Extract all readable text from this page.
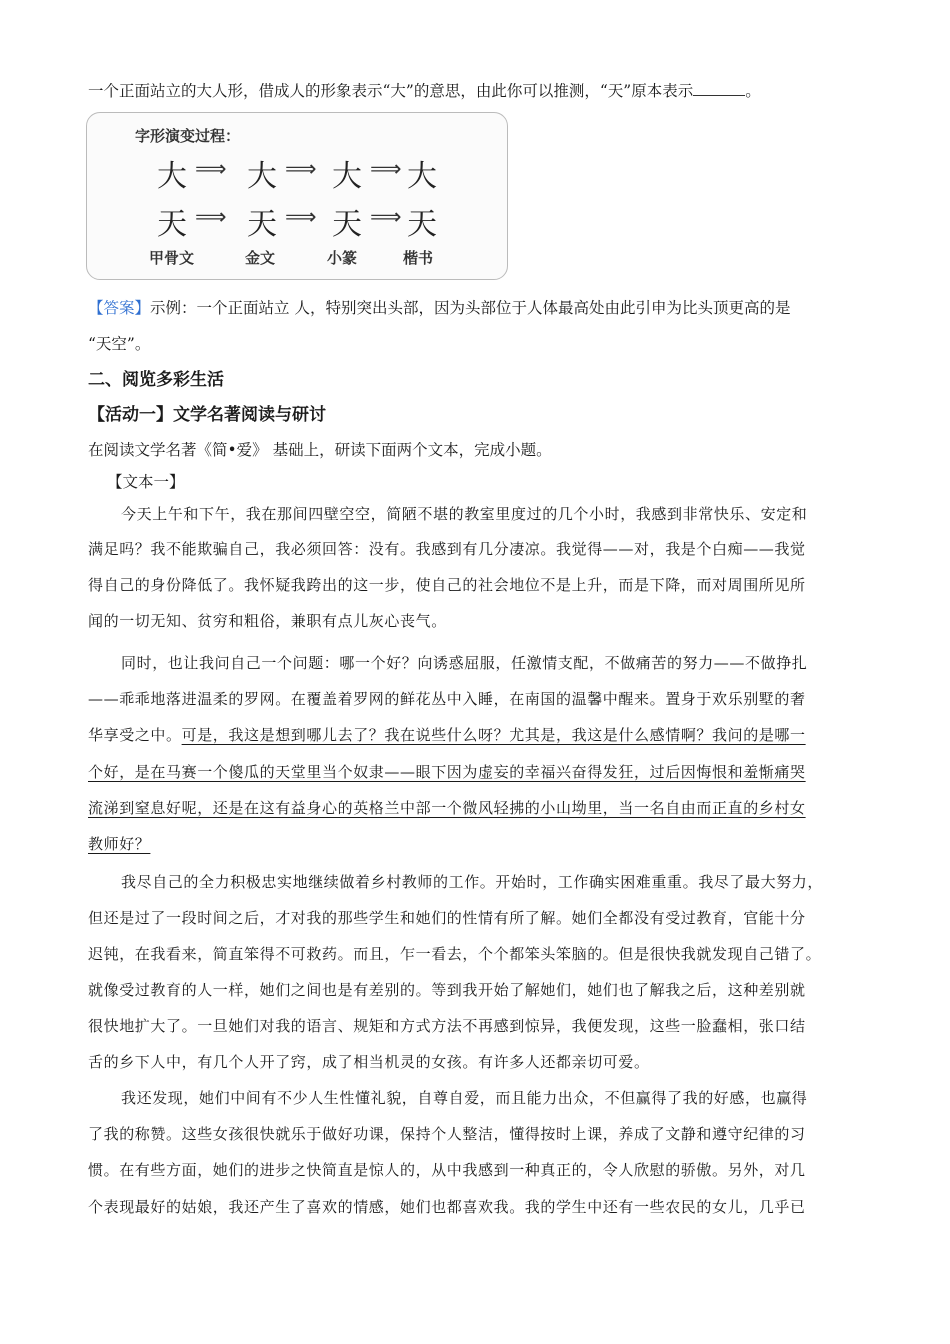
一个正面站立的大人形，借成人的形象表示“大”的意思，由此你可以推测，“天”原本表示	。
字形演变过程：
大 ⟹ 大 ⟹ 大 ⟹ 大
天 ⟹ 天 ⟹ 天 ⟹ 天
甲骨文	金文	小篆	楷书
【答案】示例：一个正面站立 人，特别突出头部，因为头部位于人体最高处由此引申为比头顶更高的是
“天空”。
二、阅览多彩生活
【活动一】文学名著阅读与研讨
在阅读文学名著《简•爱》 基础上，研读下面两个文本，完成小题。
【文本一】
今天上午和下午，我在那间四壁空空，简陋不堪的教室里度过的几个小时，我感到非常快乐、安定和
满足吗？我不能欺骗自己，我必须回答：没有。我感到有几分凄凉。我觉得——对，我是个白痴——我觉
得自己的身份降低了。我怀疑我跨出的这一步，使自己的社会地位不是上升，而是下降，而对周围所见所
闻的一切无知、贫穷和粗俗，兼职有点儿灰心丧气。
同时，也让我问自己一个问题：哪一个好？向诱惑屈服，任激情支配，不做痛苦的努力——不做挣扎
——乖乖地落进温柔的罗网。在覆盖着罗网的鲜花丛中入睡，在南国的温馨中醒来。置身于欢乐别墅的奢
华享受之中。可是，我这是想到哪儿去了？我在说些什么呀？尤其是，我这是什么感情啊？我问的是哪一
个好，是在马赛一个傻瓜的天堂里当个奴隶——眼下因为虚妄的幸福兴奋得发狂，过后因悔恨和羞惭痛哭
流涕到窒息好呢，还是在这有益身心的英格兰中部一个微风轻拂的小山坳里，当一名自由而正直的乡村女
教师好？
我尽自己的全力积极忠实地继续做着乡村教师的工作。开始时，工作确实困难重重。我尽了最大努力，
但还是过了一段时间之后，才对我的那些学生和她们的性情有所了解。她们全都没有受过教育，官能十分
迟钝，在我看来，简直笨得不可救药。而且，乍一看去，个个都笨头笨脑的。但是很快我就发现自己错了。
就像受过教育的人一样，她们之间也是有差别的。等到我开始了解她们，她们也了解我之后，这种差别就
很快地扩大了。一旦她们对我的语言、规矩和方式方法不再感到惊异，我便发现，这些一脸蠢相，张口结
舌的乡下人中，有几个人开了窍，成了相当机灵的女孩。有许多人还都亲切可爱。
我还发现，她们中间有不少人生性懂礼貌，自尊自爱，而且能力出众，不但赢得了我的好感，也赢得
了我的称赞。这些女孩很快就乐于做好功课，保持个人整洁，懂得按时上课，养成了文静和遵守纪律的习
惯。在有些方面，她们的进步之快简直是惊人的，从中我感到一种真正的，令人欣慰的骄傲。另外，对几
个表现最好的姑娘，我还产生了喜欢的情感，她们也都喜欢我。我的学生中还有一些农民的女儿，几乎已
